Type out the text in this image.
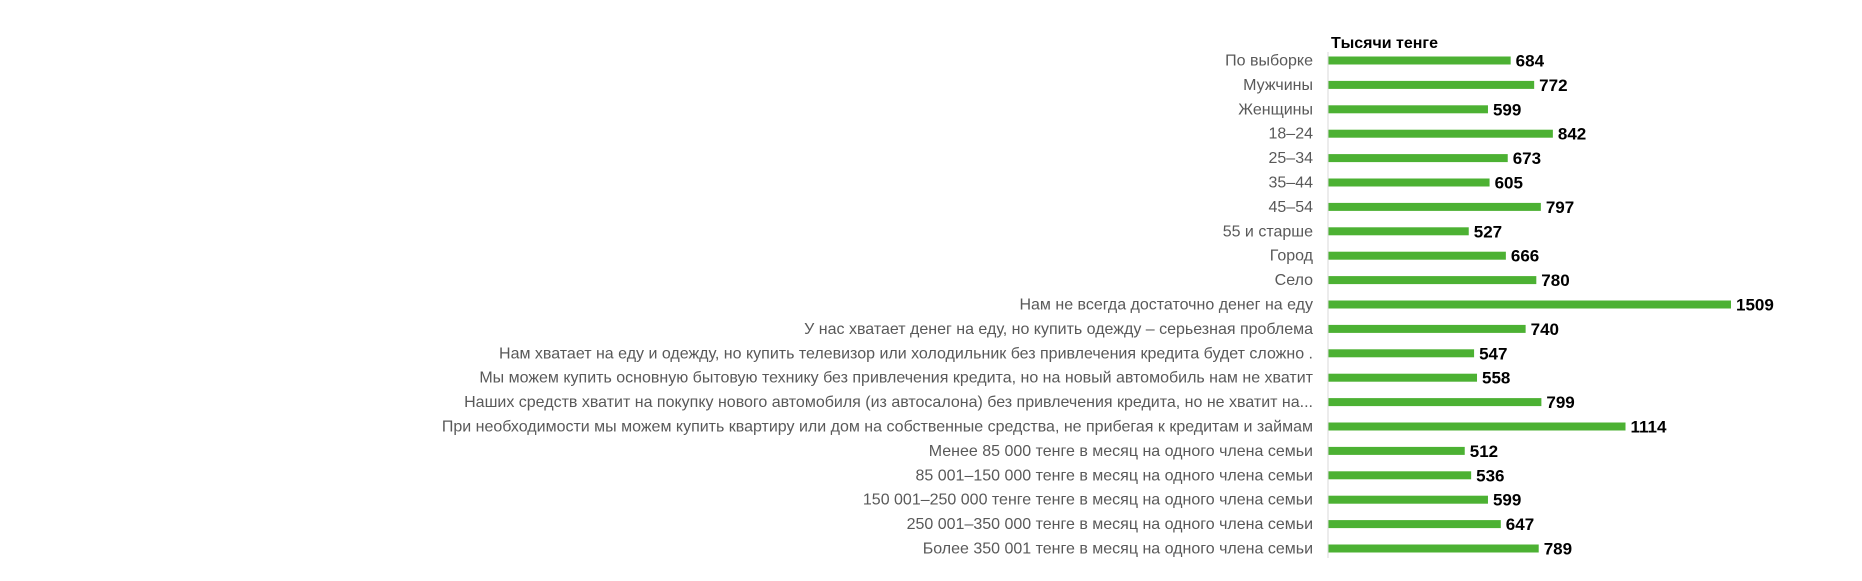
Тысячи тенге
По выборке	684
Мужчины	772
Женщины	599
18–24	842
25–34	673
35–44	605
45–54	797
55 и старше	527
Город	666
Село	780
Нам не всегда достаточно денег на еду	1509
У нас хватает денег на еду, но купить одежду – серьезная проблема	740
Нам хватает на еду и одежду, но купить телевизор или холодильник без привлечения кредита будет сложно .	547
Мы можем купить основную бытовую технику без привлечения кредита, но на новый автомобиль нам не хватит	558
Наших средств хватит на покупку нового автомобиля (из автосалона) без привлечения кредита, но не хватит на...	799
При необходимости мы можем купить квартиру или дом на собственные средства, не прибегая к кредитам и займам	1114
Менее 85 000 тенге в месяц на одного члена семьи	512
85 001–150 000 тенге в месяц на одного члена семьи	536
150 001–250 000 тенге тенге в месяц на одного члена семьи	599
250 001–350 000 тенге в месяц на одного члена семьи	647
Более 350 001 тенге в месяц на одного члена семьи	789
